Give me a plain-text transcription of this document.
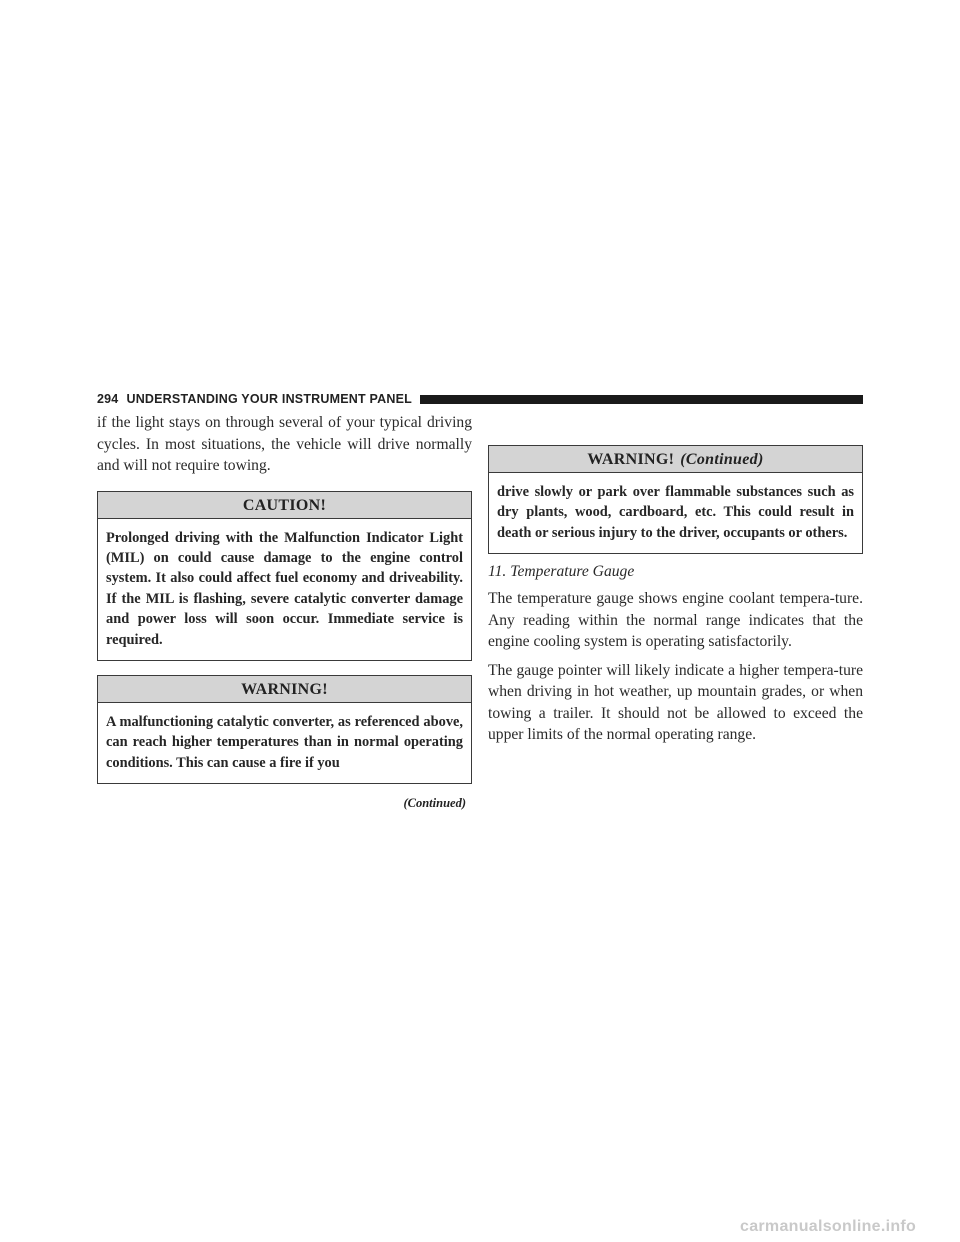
294 UNDERSTANDING YOUR INSTRUMENT PANEL

if the light stays on through several of your typical driving cycles. In most situations, the vehicle will drive normally and will not require towing.

CAUTION!
Prolonged driving with the Malfunction Indicator Light (MIL) on could cause damage to the engine control system. It also could affect fuel economy and driveability. If the MIL is flashing, severe catalytic converter damage and power loss will soon occur. Immediate service is required.
WARNING!
A malfunctioning catalytic converter, as referenced above, can reach higher temperatures than in normal operating conditions. This can cause a fire if you
(Continued)
WARNING! (Continued)
drive slowly or park over flammable substances such as dry plants, wood, cardboard, etc. This could result in death or serious injury to the driver, occupants or others.
11. Temperature Gauge

The temperature gauge shows engine coolant tempera-ture. Any reading within the normal range indicates that the engine cooling system is operating satisfactorily.

The gauge pointer will likely indicate a higher tempera-ture when driving in hot weather, up mountain grades, or when towing a trailer. It should not be allowed to exceed the upper limits of the normal operating range.

carmanualsonline.info
